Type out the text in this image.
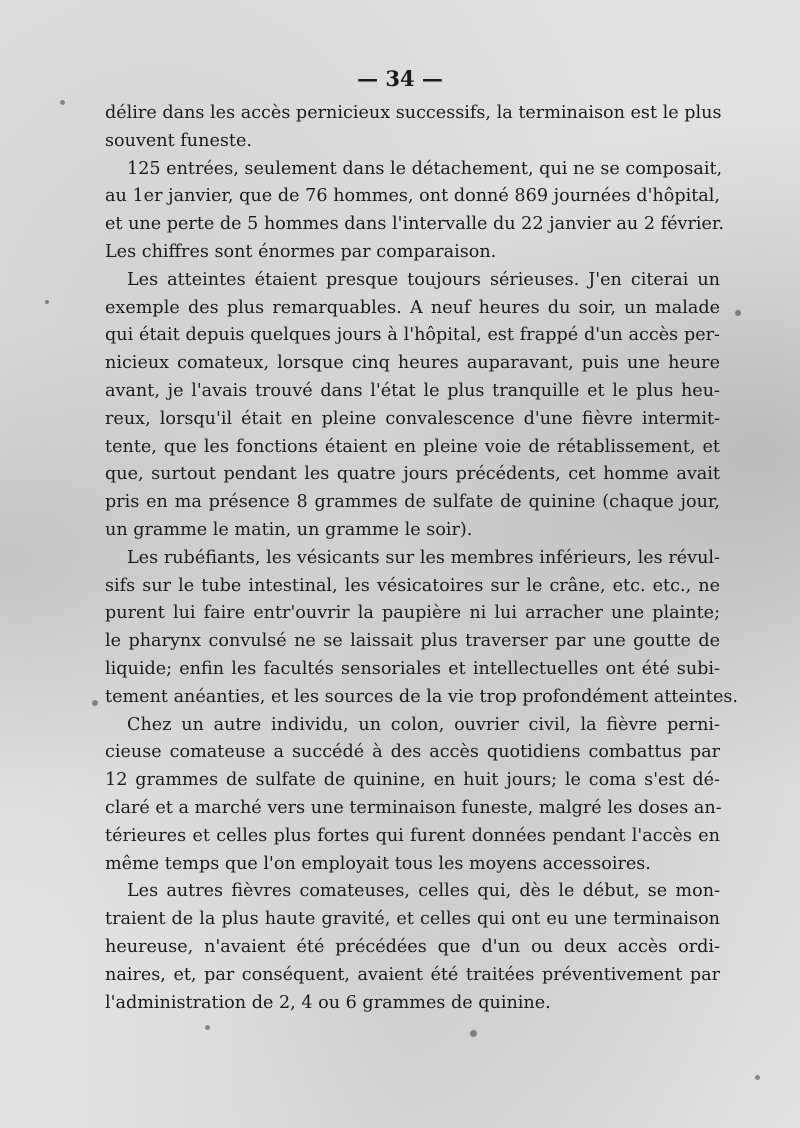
— 34 —
délire dans les accès pernicieux successifs, la terminaison est le plus
souvent funeste.
125 entrées, seulement dans le détachement, qui ne se composait,
au 1er janvier, que de 76 hommes, ont donné 869 journées d'hôpital,
et une perte de 5 hommes dans l'intervalle du 22 janvier au 2 février.
Les chiffres sont énormes par comparaison.
Les atteintes étaient presque toujours sérieuses. J'en citerai un
exemple des plus remarquables. A neuf heures du soir, un malade
qui était depuis quelques jours à l'hôpital, est frappé d'un accès per-
nicieux comateux, lorsque cinq heures auparavant, puis une heure
avant, je l'avais trouvé dans l'état le plus tranquille et le plus heu-
reux, lorsqu'il était en pleine convalescence d'une fièvre intermit-
tente, que les fonctions étaient en pleine voie de rétablissement, et
que, surtout pendant les quatre jours précédents, cet homme avait
pris en ma présence 8 grammes de sulfate de quinine (chaque jour,
un gramme le matin, un gramme le soir).
Les rubéfiants, les vésicants sur les membres inférieurs, les révul-
sifs sur le tube intestinal, les vésicatoires sur le crâne, etc. etc., ne
purent lui faire entr'ouvrir la paupière ni lui arracher une plainte;
le pharynx convulsé ne se laissait plus traverser par une goutte de
liquide; enfin les facultés sensoriales et intellectuelles ont été subi-
tement anéanties, et les sources de la vie trop profondément atteintes.
Chez un autre individu, un colon, ouvrier civil, la fièvre perni-
cieuse comateuse a succédé à des accès quotidiens combattus par
12 grammes de sulfate de quinine, en huit jours; le coma s'est dé-
claré et a marché vers une terminaison funeste, malgré les doses an-
térieures et celles plus fortes qui furent données pendant l'accès en
même temps que l'on employait tous les moyens accessoires.
Les autres fièvres comateuses, celles qui, dès le début, se mon-
traient de la plus haute gravité, et celles qui ont eu une terminaison
heureuse, n'avaient été précédées que d'un ou deux accès ordi-
naires, et, par conséquent, avaient été traitées préventivement par
l'administration de 2, 4 ou 6 grammes de quinine.
